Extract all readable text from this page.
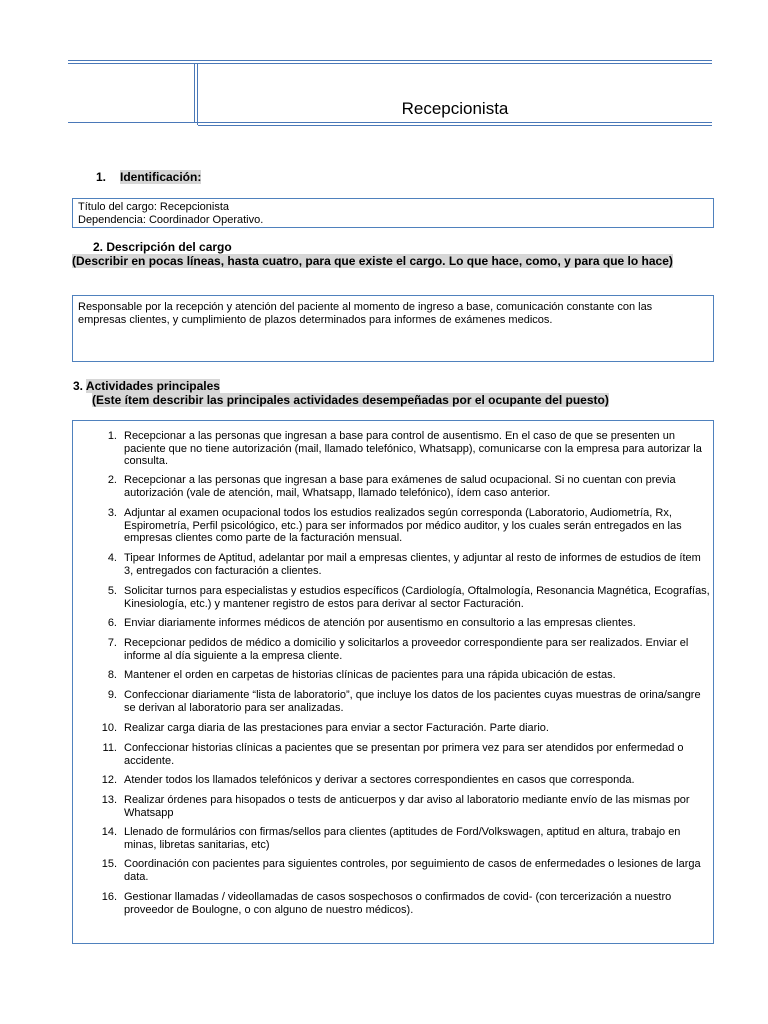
Recepcionista
1. Identificación:
Título del cargo: Recepcionista
Dependencia: Coordinador Operativo.
2. Descripción del cargo
(Describir en pocas líneas, hasta cuatro, para que existe el cargo. Lo que hace, como, y para que lo hace)
Responsable por la recepción y atención del paciente al momento de ingreso a base, comunicación constante con las empresas clientes, y cumplimiento de plazos determinados para informes de exámenes medicos.
3. Actividades principales
(Este ítem describir las principales actividades desempeñadas por el ocupante del puesto)
1. Recepcionar a las personas que ingresan a base para control de ausentismo. En el caso de que se presenten un paciente que no tiene autorización (mail, llamado telefónico, Whatsapp), comunicarse con la empresa para autorizar la consulta.
2. Recepcionar a las personas que ingresan a base para exámenes de salud ocupacional. Si no cuentan con previa autorización (vale de atención, mail, Whatsapp, llamado telefónico), ídem caso anterior.
3. Adjuntar al examen ocupacional todos los estudios realizados según corresponda (Laboratorio, Audiometría, Rx, Espirometría, Perfil psicológico, etc.) para ser informados por médico auditor, y los cuales serán entregados en las empresas clientes como parte de la facturación mensual.
4. Tipear Informes de Aptitud, adelantar por mail a empresas clientes, y adjuntar al resto de informes de estudios de ítem 3, entregados con facturación a clientes.
5. Solicitar turnos para especialistas y estudios específicos (Cardiología, Oftalmología, Resonancia Magnética, Ecografías, Kinesiología, etc.) y mantener registro de estos para derivar al sector Facturación.
6. Enviar diariamente informes médicos de atención por ausentismo en consultorio a las empresas clientes.
7. Recepcionar pedidos de médico a domicilio y solicitarlos a proveedor correspondiente para ser realizados. Enviar el informe al día siguiente a la empresa cliente.
8. Mantener el orden en carpetas de historias clínicas de pacientes para una rápida ubicación de estas.
9. Confeccionar diariamente “lista de laboratorio”, que incluye los datos de los pacientes cuyas muestras de orina/sangre se derivan al laboratorio para ser analizadas.
10. Realizar carga diaria de las prestaciones para enviar a sector Facturación. Parte diario.
11. Confeccionar historias clínicas a pacientes que se presentan por primera vez para ser atendidos por enfermedad o accidente.
12. Atender todos los llamados telefónicos y derivar a sectores correspondientes en casos que corresponda.
13. Realizar órdenes para hisopados o tests de anticuerpos y dar aviso al laboratorio mediante envío de las mismas por Whatsapp
14. Llenado de formulários con firmas/sellos para clientes (aptitudes de Ford/Volkswagen, aptitud en altura, trabajo en minas, libretas sanitarias, etc)
15. Coordinación con pacientes para siguientes controles, por seguimiento de casos de enfermedades o lesiones de larga data.
16. Gestionar llamadas / videollamadas de casos sospechosos o confirmados de covid- (con tercerización a nuestro proveedor de Boulogne, o con alguno de nuestro médicos).
